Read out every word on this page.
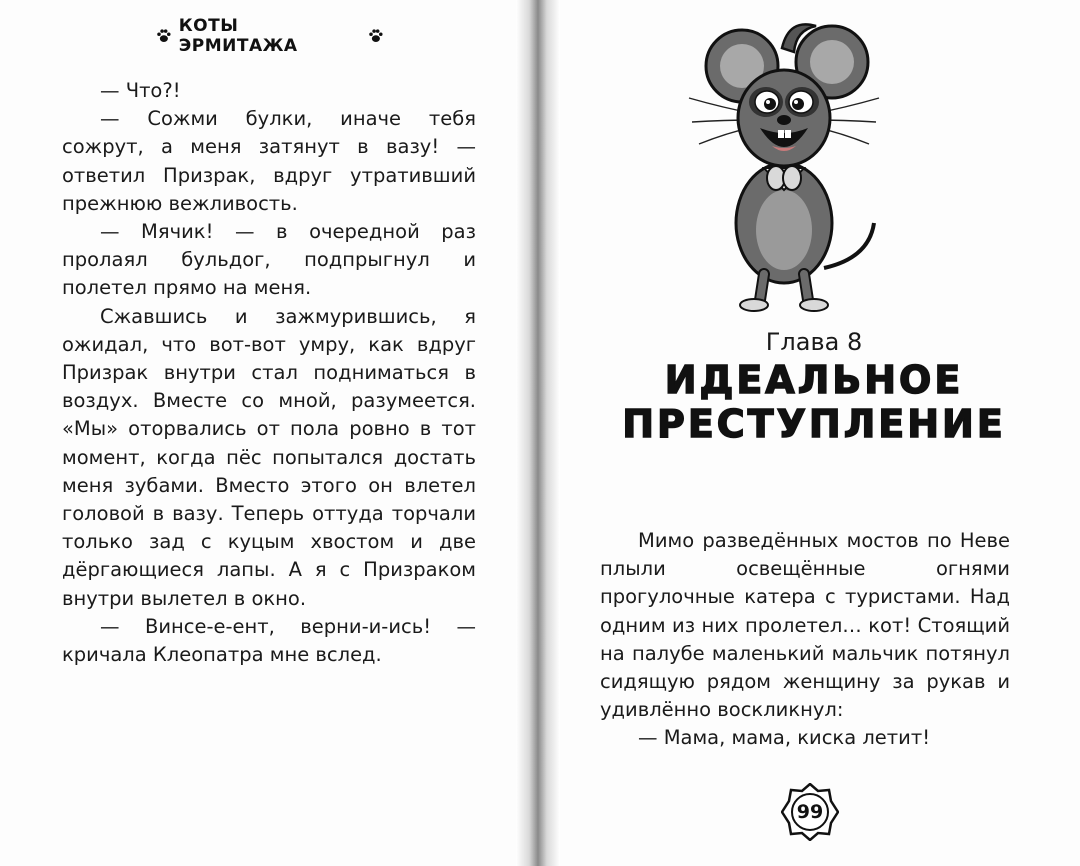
КОТЫ ЭРМИТАЖА

— Что?!

— Сожми булки, иначе тебя сожрут, а меня затянут в вазу! — ответил Призрак, вдруг утративший прежнюю вежливость.

— Мячик! — в очередной раз пролаял бульдог, подпрыгнул и полетел прямо на меня.

Сжавшись и зажмурившись, я ожидал, что вот-вот умру, как вдруг Призрак внутри стал подниматься в воздух. Вместе со мной, разумеется. «Мы» оторвались от пола ровно в тот момент, когда пёс попытался достать меня зубами. Вместо этого он влетел головой в вазу. Теперь оттуда торчали только зад с куцым хвостом и две дёргающиеся лапы. А я с Призраком внутри вылетел в окно.

— Винсе-е-ент, верни-и-ись! — кричала Клеопатра мне вслед.

Глава 8
ИДЕАЛЬНОЕ
ПРЕСТУПЛЕНИЕ

Мимо разведённых мостов по Неве плыли освещённые огнями прогулочные катера с туристами. Над одним из них пролетел… кот! Стоящий на палубе маленький мальчик потянул сидящую рядом женщину за рукав и удивлённо воскликнул:

— Мама, мама, киска летит!

99
